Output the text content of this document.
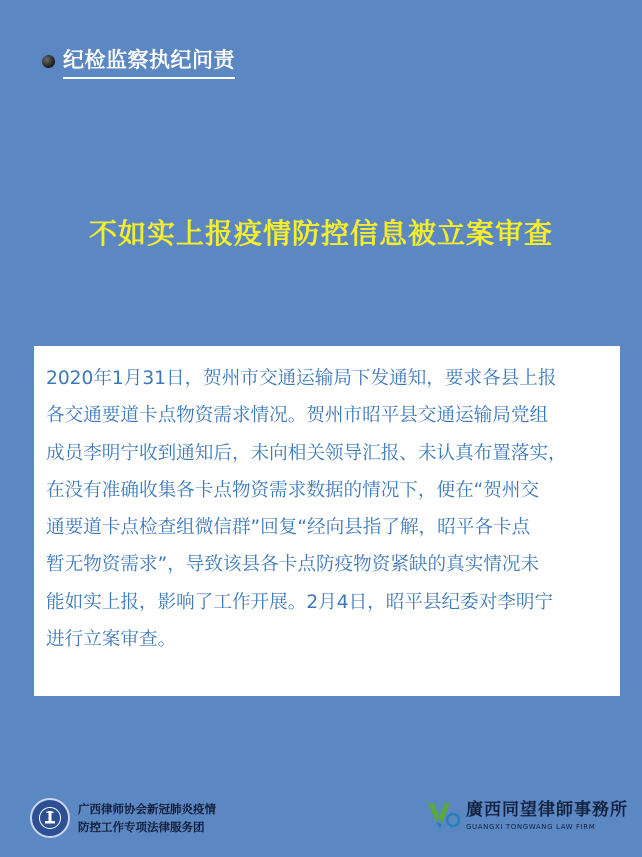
纪检监察执纪问责
不如实上报疫情防控信息被立案审查

2020年1月31日，贺州市交通运输局下发通知，要求各县上报

各交通要道卡点物资需求情况。贺州市昭平县交通运输局党组

成员李明宁收到通知后，未向相关领导汇报、未认真布置落实，

在没有准确收集各卡点物资需求数据的情况下，便在“贺州交

通要道卡点检查组微信群”回复“经向县指了解，昭平各卡点

暂无物资需求”，导致该县各卡点防疫物资紧缺的真实情况未

能如实上报，影响了工作开展。2月4日，昭平县纪委对李明宁

进行立案审查。

广西律师协会新冠肺炎疫情
防控工作专项法律服务团
廣西同望律師事務所
GUANGXI TONGWANG LAW FIRM
